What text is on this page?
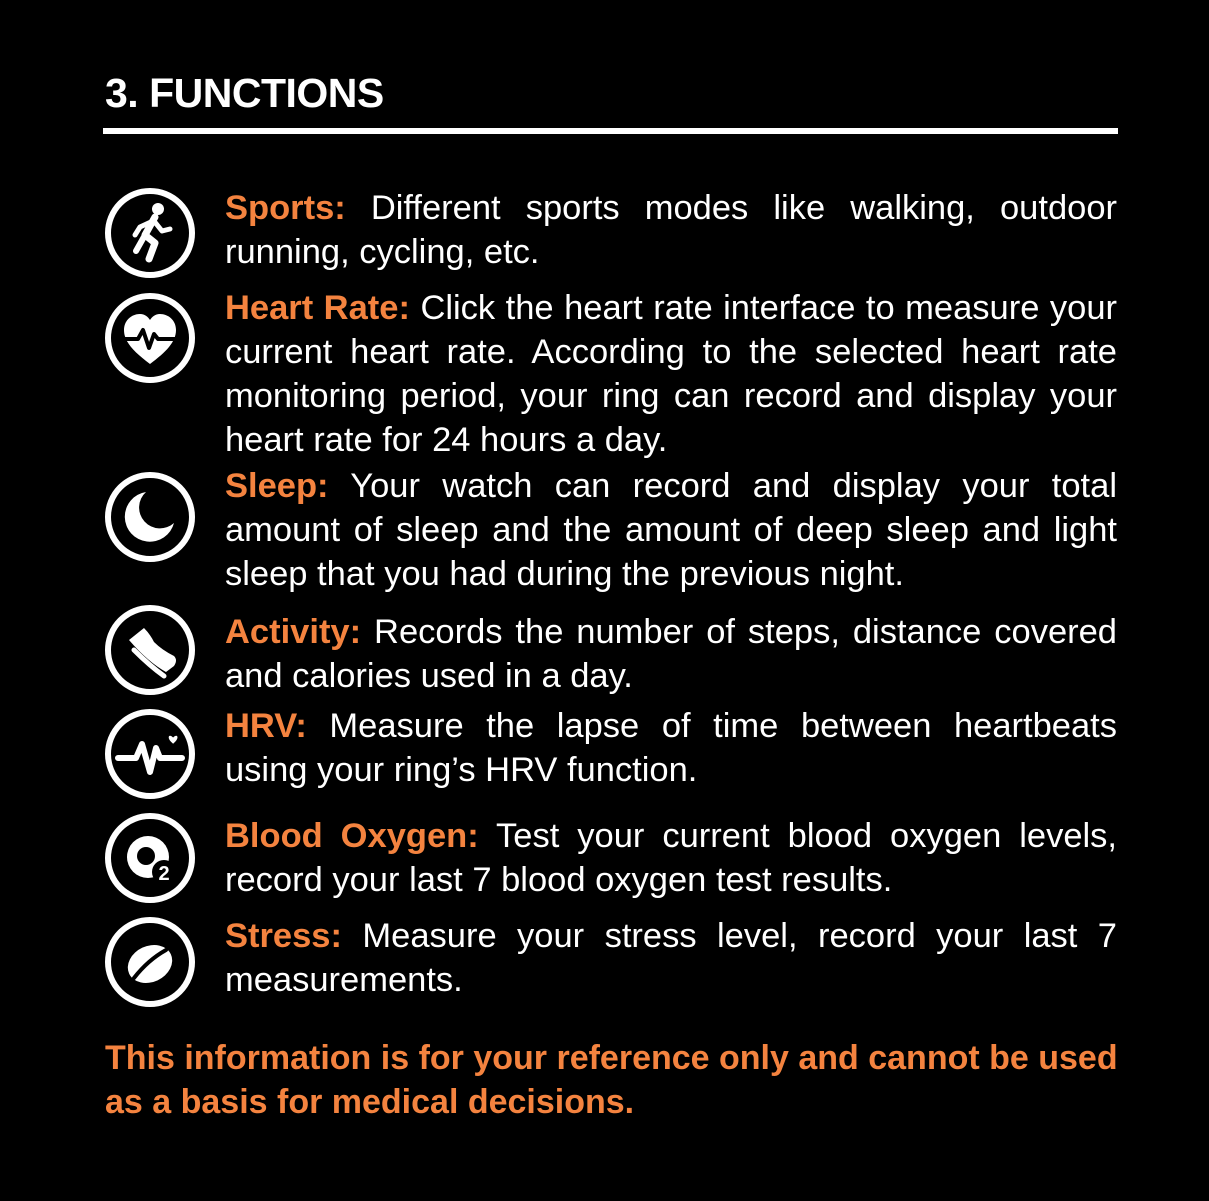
3. FUNCTIONS
Sports: Different sports modes like walking, outdoor running, cycling, etc.
Heart Rate: Click the heart rate interface to measure your current heart rate. According to the selected heart rate monitoring period, your ring can record and display your heart rate for 24 hours a day.
Sleep: Your watch can record and display your total amount of sleep and the amount of deep sleep and light sleep that you had during the previous night.
Activity: Records the number of steps, distance covered and calories used in a day.
HRV: Measure the lapse of time between heartbeats using your ring’s HRV function.
2
Blood Oxygen: Test your current blood oxygen levels, record your last 7 blood oxygen test results.
Stress: Measure your stress level, record your last 7 measurements.
This information is for your reference only and cannot be used as a basis for medical decisions.
